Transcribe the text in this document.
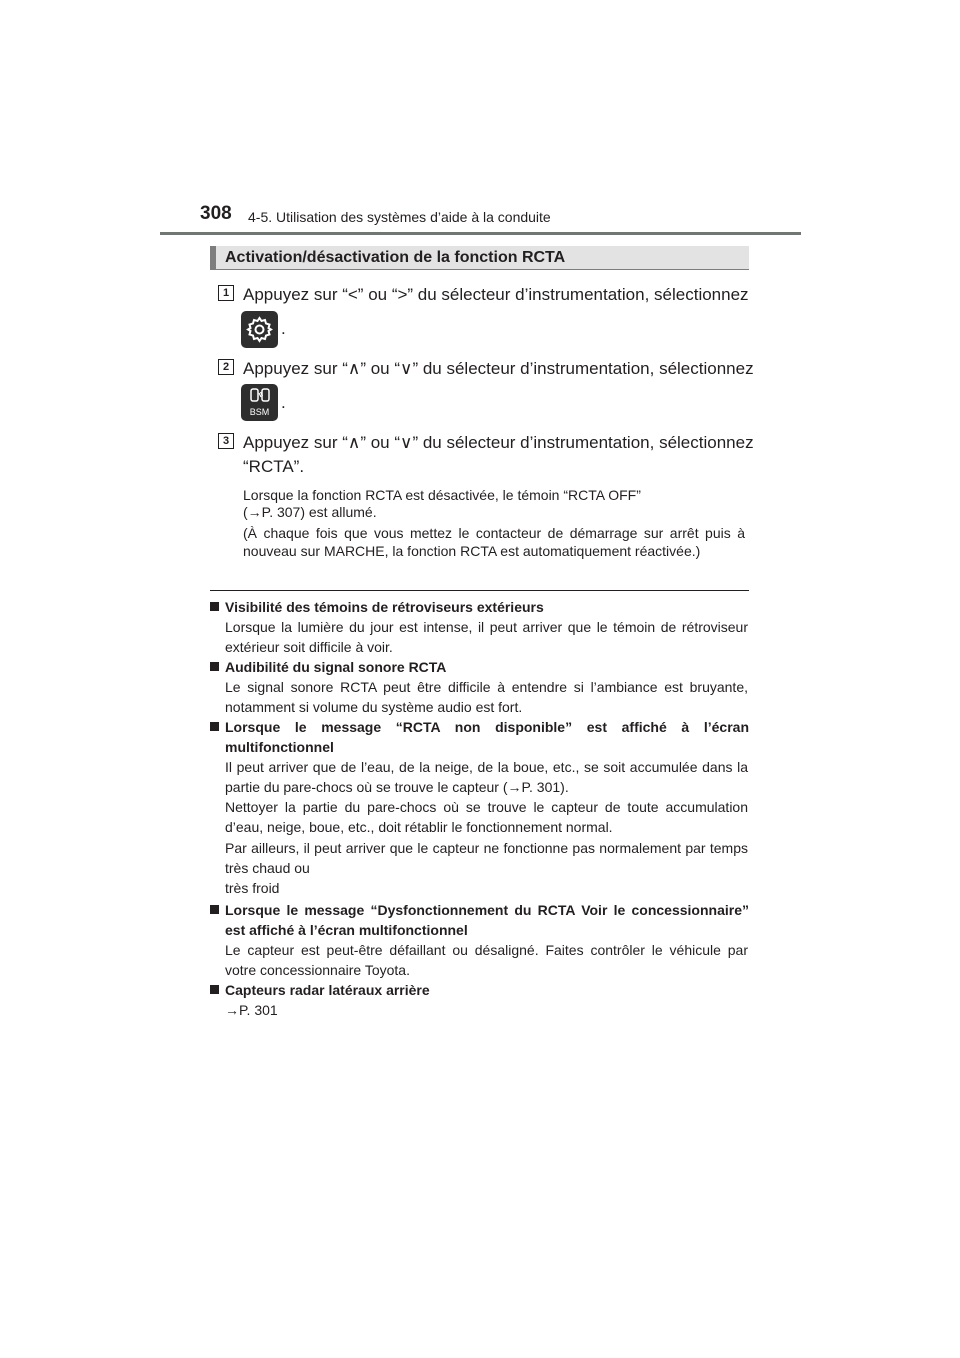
308 4-5. Utilisation des systèmes d’aide à la conduite
Activation/désactivation de la fonction RCTA
1 Appuyez sur “<” ou “>” du sélecteur d’instrumentation, sélectionnez
.
2 Appuyez sur “∧” ou “∨” du sélecteur d’instrumentation, sélectionnez
BSM .
3 Appuyez sur “∧” ou “∨” du sélecteur d’instrumentation, sélectionnez
“RCTA”.
Lorsque la fonction RCTA est désactivée, le témoin “RCTA OFF”
(→P. 307) est allumé.
(À chaque fois que vous mettez le contacteur de démarrage sur arrêt puis à nouveau sur MARCHE, la fonction RCTA est automatiquement réactivée.)
Visibilité des témoins de rétroviseurs extérieurs
Lorsque la lumière du jour est intense, il peut arriver que le témoin de rétroviseur extérieur soit difficile à voir.
Audibilité du signal sonore RCTA
Le signal sonore RCTA peut être difficile à entendre si l’ambiance est bruyante, notamment si volume du système audio est fort.
Lorsque le message “RCTA non disponible” est affiché à l’écran multifonctionnel
Il peut arriver que de l’eau, de la neige, de la boue, etc., se soit accumulée dans la partie du pare-chocs où se trouve le capteur (→P. 301).
Nettoyer la partie du pare-chocs où se trouve le capteur de toute accumulation d’eau, neige, boue, etc., doit rétablir le fonctionnement normal.
Par ailleurs, il peut arriver que le capteur ne fonctionne pas normalement par temps très chaud ou
très froid
Lorsque le message “Dysfonctionnement du RCTA Voir le concessionnaire” est affiché à l’écran multifonctionnel
Le capteur est peut-être défaillant ou désaligné. Faites contrôler le véhicule par votre concessionnaire Toyota.
Capteurs radar latéraux arrière
→P. 301
